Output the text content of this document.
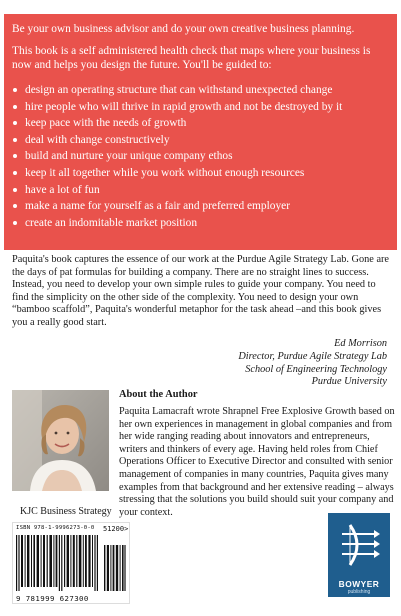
Be your own business advisor and do your own creative business planning.

This book is a self administered health check that maps where your business is now and helps you design the future. You'll be guided to:

design an operating structure that can withstand unexpected change
hire people who will thrive in rapid growth and not be destroyed by it
keep pace with the needs of growth
deal with change constructively
build and nurture your unique company ethos
keep it all together while you work without enough resources
have a lot of fun
make a name for yourself as a fair and preferred employer
create an indomitable market position

Paquita's book captures the essence of our work at the Purdue Agile Strategy Lab. Gone are the days of pat formulas for building a company. There are no straight lines to success. Instead, you need to develop your own simple rules to guide your company. You need to find the simplicity on the other side of the complexity. You need to design your own “bamboo scaffold”, Paquita's wonderful metaphor for the task ahead –and this book gives you a really good start.

Ed Morrison
Director, Purdue Agile Strategy Lab
School of Engineering Technology
Purdue University
About the Author
Paquita Lamacraft wrote Shrapnel Free Explosive Growth based on her own experiences in management in global companies and from her wide ranging reading about innovators and entrepreneurs, writers and thinkers of every age. Having held roles from Chief Operations Officer to Executive Director and consulted with senior management of companies in many countries, Paquita gives many examples from that background and her extensive reading – always stressing that the solutions you build should suit your company and your context.
KJC Business Strategy
ISBN 978-1-9996273-0-0 51200>
9 781999 627300
BOWYER
publishing
